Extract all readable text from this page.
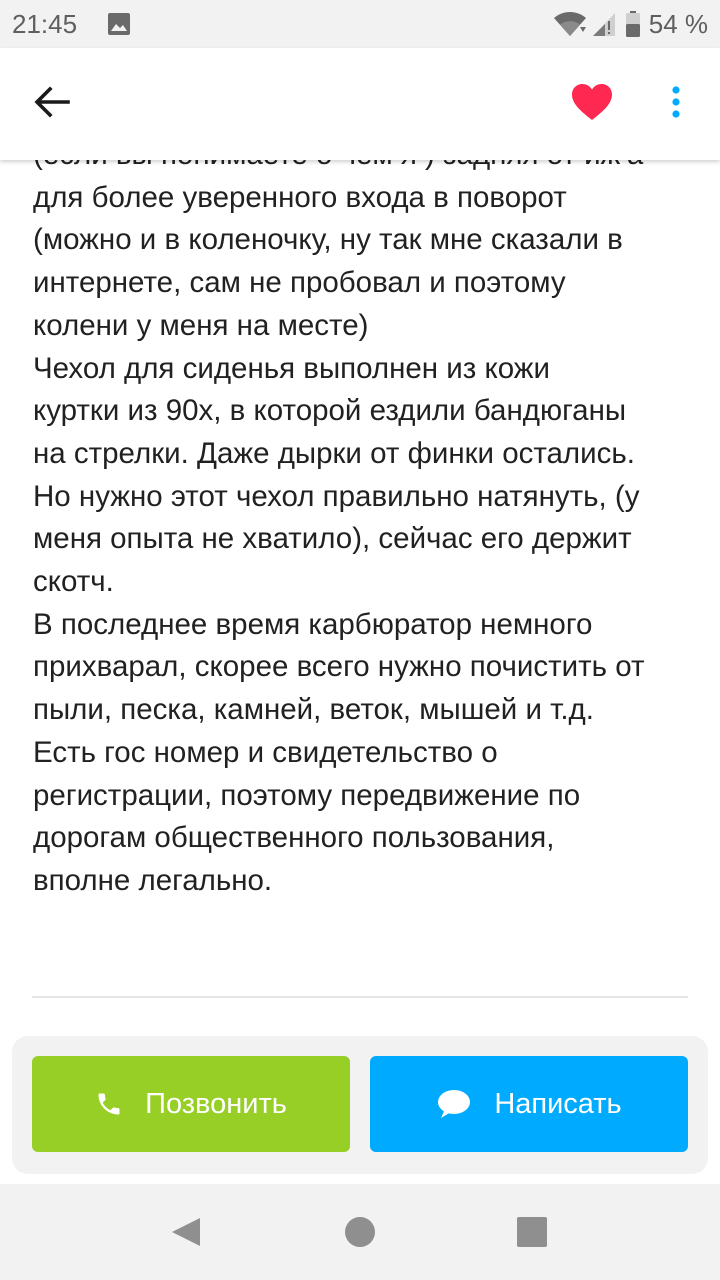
для более уверенного входа в поворот
(можно и в коленочку, ну так мне сказали в
интернете, сам не пробовал и поэтому
колени у меня на месте)
Чехол для сиденья выполнен из кожи
куртки из 90х, в которой ездили бандюганы
на стрелки. Даже дырки от финки остались.
Но нужно этот чехол правильно натянуть, (у
меня опыта не хватило), сейчас его держит
скотч.
В последнее время карбюратор немного
прихварал, скорее всего нужно почистить от
пыли, песка, камней, веток, мышей и т.д.
Есть гос номер и свидетельство о
регистрации, поэтому передвижение по
дорогам общественного пользования,
вполне легально.
21:45	54 %
Позвонить	Написать
